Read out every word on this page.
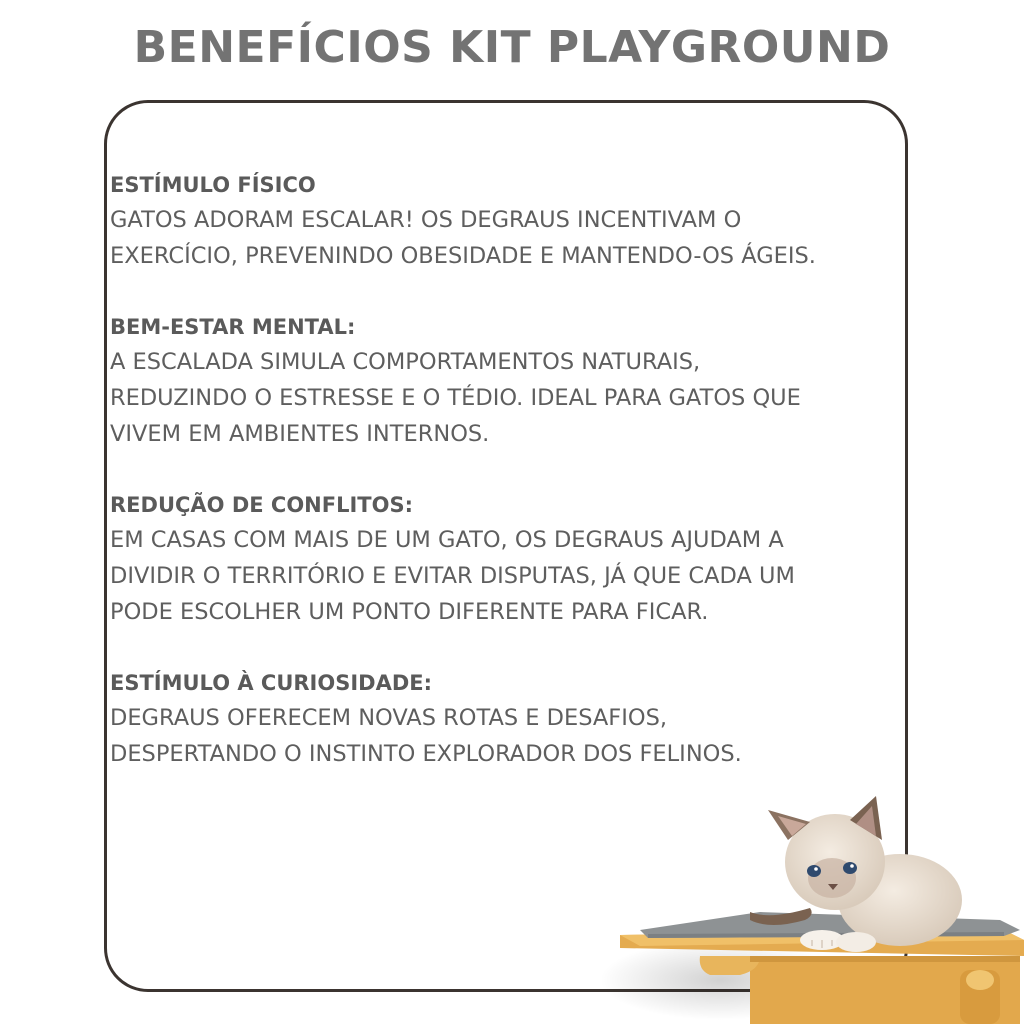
BENEFÍCIOS KIT PLAYGROUND
ESTÍMULO FÍSICO
GATOS ADORAM ESCALAR! OS DEGRAUS INCENTIVAM O
EXERCÍCIO, PREVENINDO OBESIDADE E MANTENDO-OS ÁGEIS.
BEM-ESTAR MENTAL:
A ESCALADA SIMULA COMPORTAMENTOS NATURAIS,
REDUZINDO O ESTRESSE E O TÉDIO. IDEAL PARA GATOS QUE
VIVEM EM AMBIENTES INTERNOS.
REDUÇÃO DE CONFLITOS:
EM CASAS COM MAIS DE UM GATO, OS DEGRAUS AJUDAM A
DIVIDIR O TERRITÓRIO E EVITAR DISPUTAS, JÁ QUE CADA UM
PODE ESCOLHER UM PONTO DIFERENTE PARA FICAR.
ESTÍMULO À CURIOSIDADE:
DEGRAUS OFERECEM NOVAS ROTAS E DESAFIOS,
DESPERTANDO O INSTINTO EXPLORADOR DOS FELINOS.
